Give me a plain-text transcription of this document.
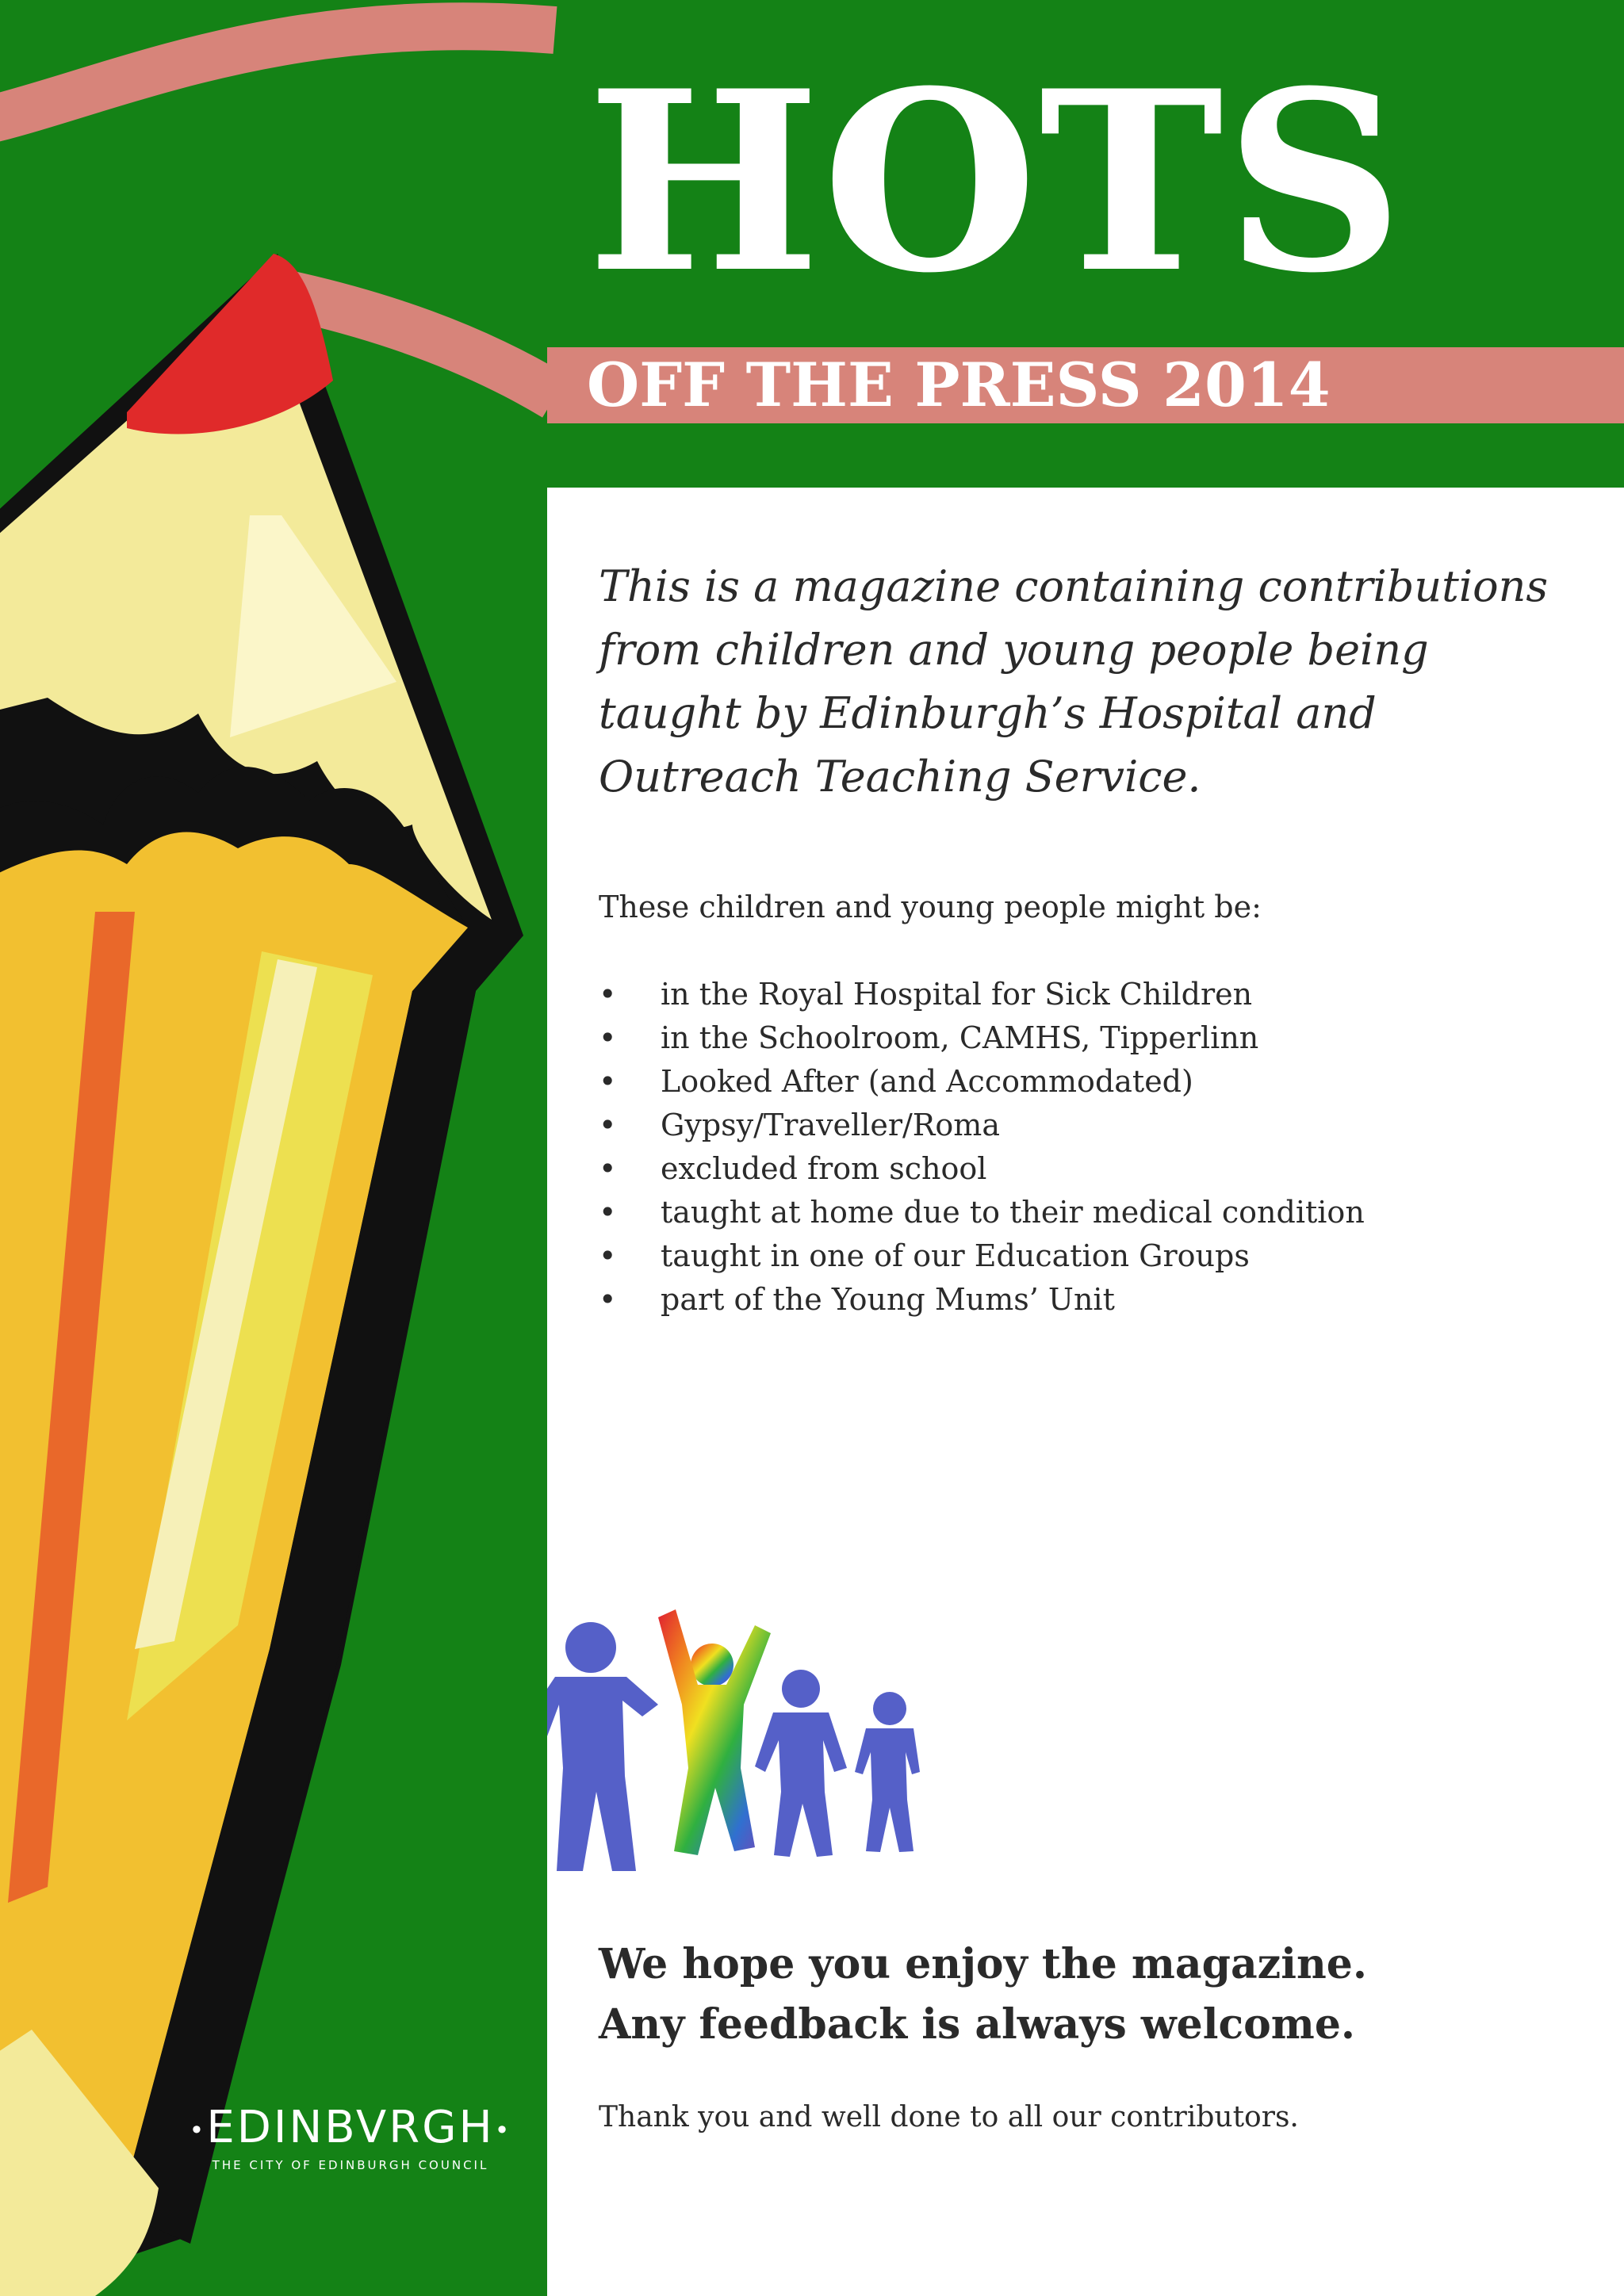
HOTS
OFF THE PRESS 2014

This is a magazine containing contributions from children and young people being taught by Edinburgh’s Hospital and Outreach Teaching Service.

These children and young people might be:

• in the Royal Hospital for Sick Children
• in the Schoolroom, CAMHS, Tipperlinn
• Looked After (and Accommodated)
• Gypsy/Traveller/Roma
• excluded from school
• taught at home due to their medical condition
• taught in one of our Education Groups
• part of the Young Mums’ Unit

We hope you enjoy the magazine.
Any feedback is always welcome.

Thank you and well done to all our contributors.

•EDINBVRGH•
THE CITY OF EDINBURGH COUNCIL
